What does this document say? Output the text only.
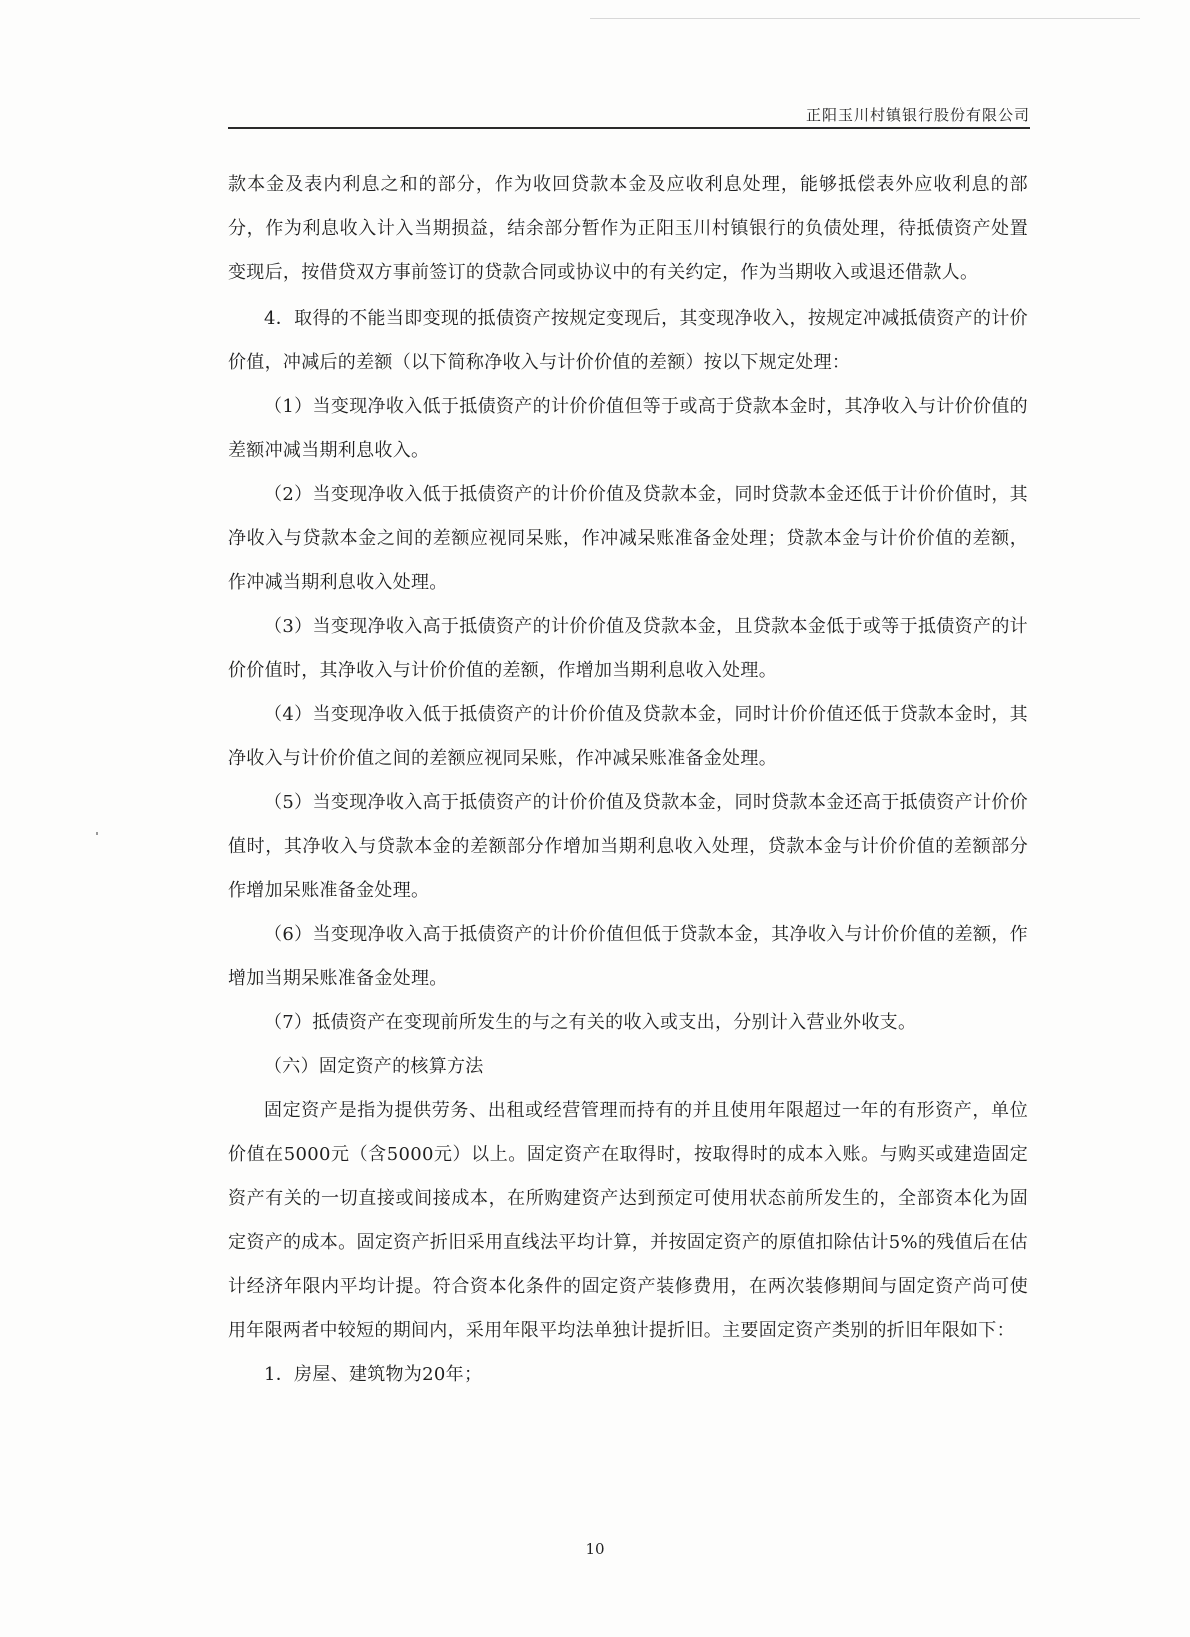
正阳玉川村镇银行股份有限公司

款本金及表内利息之和的部分，作为收回贷款本金及应收利息处理，能够抵偿表外应收利息的部分，作为利息收入计入当期损益，结余部分暂作为正阳玉川村镇银行的负债处理，待抵债资产处置变现后，按借贷双方事前签订的贷款合同或协议中的有关约定，作为当期收入或退还借款人。

4．取得的不能当即变现的抵债资产按规定变现后，其变现净收入，按规定冲减抵债资产的计价价值，冲减后的差额（以下简称净收入与计价价值的差额）按以下规定处理：

（1）当变现净收入低于抵债资产的计价价值但等于或高于贷款本金时，其净收入与计价价值的差额冲减当期利息收入。

（2）当变现净收入低于抵债资产的计价价值及贷款本金，同时贷款本金还低于计价价值时，其净收入与贷款本金之间的差额应视同呆账，作冲减呆账准备金处理；贷款本金与计价价值的差额，作冲减当期利息收入处理。

（3）当变现净收入高于抵债资产的计价价值及贷款本金，且贷款本金低于或等于抵债资产的计价价值时，其净收入与计价价值的差额，作增加当期利息收入处理。

（4）当变现净收入低于抵债资产的计价价值及贷款本金，同时计价价值还低于贷款本金时，其净收入与计价价值之间的差额应视同呆账，作冲减呆账准备金处理。

（5）当变现净收入高于抵债资产的计价价值及贷款本金，同时贷款本金还高于抵债资产计价价值时，其净收入与贷款本金的差额部分作增加当期利息收入处理，贷款本金与计价价值的差额部分作增加呆账准备金处理。

（6）当变现净收入高于抵债资产的计价价值但低于贷款本金，其净收入与计价价值的差额，作增加当期呆账准备金处理。

（7）抵债资产在变现前所发生的与之有关的收入或支出，分别计入营业外收支。

（六）固定资产的核算方法

固定资产是指为提供劳务、出租或经营管理而持有的并且使用年限超过一年的有形资产，单位价值在5000元（含5000元）以上。固定资产在取得时，按取得时的成本入账。与购买或建造固定资产有关的一切直接或间接成本，在所购建资产达到预定可使用状态前所发生的，全部资本化为固定资产的成本。固定资产折旧采用直线法平均计算，并按固定资产的原值扣除估计5%的残值后在估计经济年限内平均计提。符合资本化条件的固定资产装修费用，在两次装修期间与固定资产尚可使用年限两者中较短的期间内，采用年限平均法单独计提折旧。主要固定资产类别的折旧年限如下：

1．房屋、建筑物为20年；

10
